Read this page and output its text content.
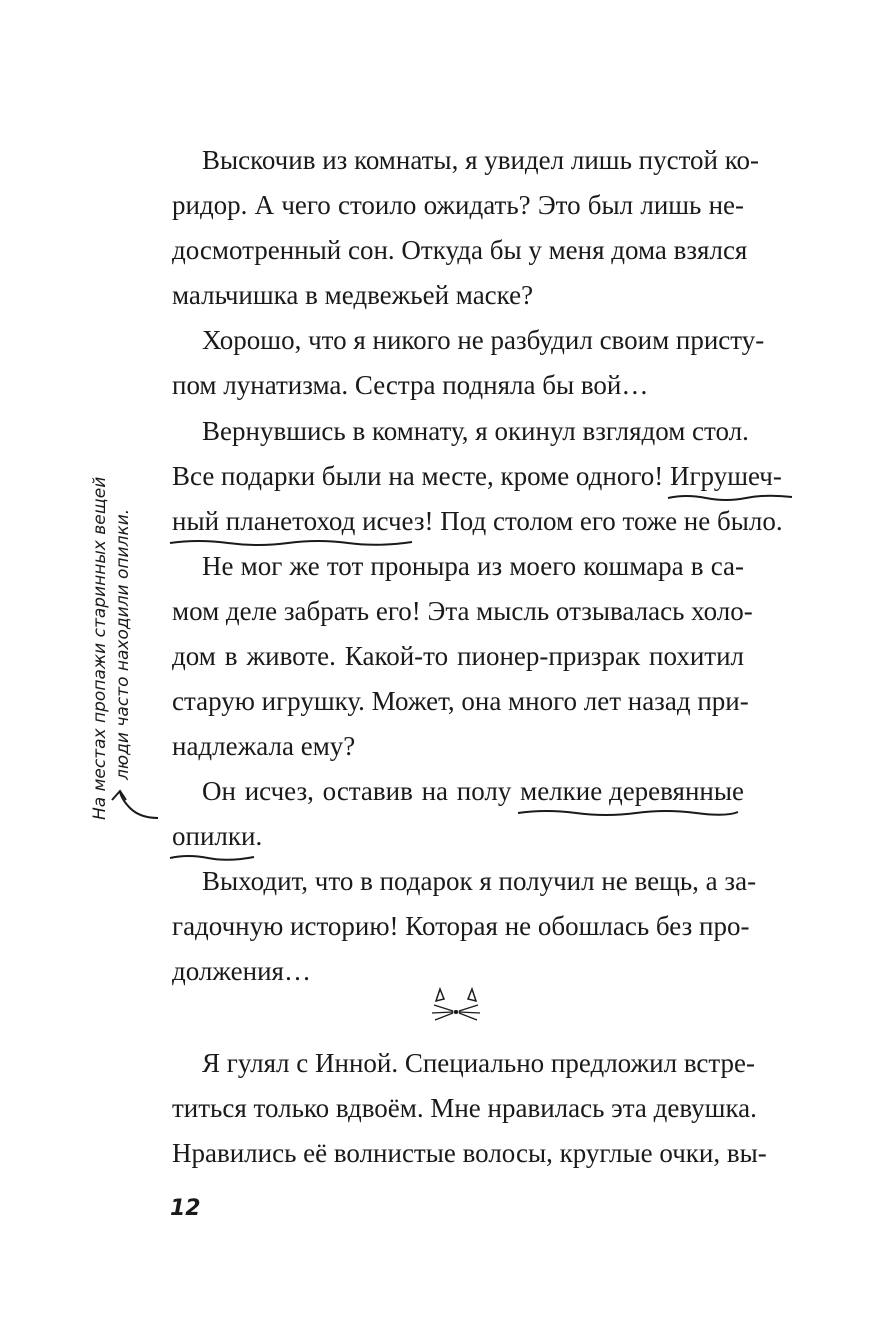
Выскочив из комнаты, я увидел лишь пустой ко-
ридор. А чего стоило ожидать? Это был лишь не-
досмотренный сон. Откуда бы у меня дома взялся
мальчишка в медвежьей маске?
Хорошо, что я никого не разбудил своим присту-
пом лунатизма. Сестра подняла бы вой…
Вернувшись в комнату, я окинул взглядом стол.
Все подарки были на месте, кроме одного! Игрушеч-
ный планетоход исчез
! Под столом его тоже не было.
Не мог же тот проныра из моего кошмара в са-
мом деле забрать его! Эта мысль отзывалась холо-
дом в животе. Какой-то пионер-призрак похитил
старую игрушку. Может, она много лет назад при-
надлежала ему?
Он исчез, оставив на полу мелкие деревянные
опилки.
Выходит, что в подарок я получил не вещь, а за-
гадочную историю! Которая не обошлась без про-
должения…
Я гулял с Инной. Специально предложил встре-
титься только вдвоём. Мне нравилась эта девушка.
Нравились её волнистые волосы, круглые очки, вы-
На местах пропажи старинных вещей люди часто находили опилки.
12
